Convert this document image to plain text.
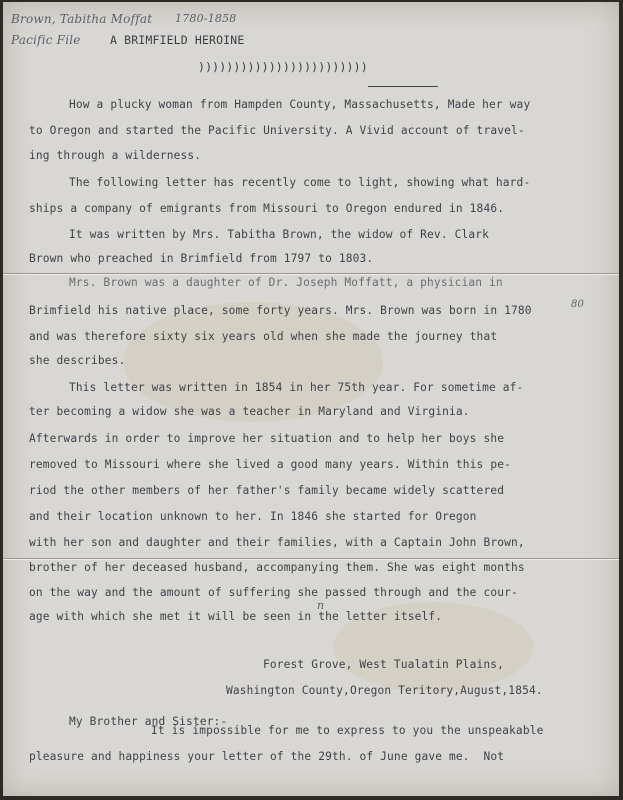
Brown, Tabitha Moffat 1780-1858
Pacific File	A BRIMFIELD HEROINE
))))))))))))))))))))))))
How a plucky woman from Hampden County, Massachusetts, Made her way
to Oregon and started the Pacific University. A Vivid account of travel-
ing through a wilderness.
The following letter has recently come to light, showing what hard-
ships a company of emigrants from Missouri to Oregon endured in 1846.
It was written by Mrs. Tabitha Brown, the widow of Rev. Clark
Brown who preached in Brimfield from 1797 to 1803.
Mrs. Brown was a daughter of Dr. Joseph Moffatt, a physician in
Brimfield his native place, some forty years. Mrs. Brown was born in 1780	80
and was therefore sixty six years old when she made the journey that
she describes.
This letter was written in 1854 in her 75th year. For sometime af-
ter becoming a widow she was a teacher in Maryland and Virginia.
Afterwards in order to improve her situation and to help her boys she
removed to Missouri where she lived a good many years. Within this pe-
riod the other members of her father's family became widely scattered
and their location unknown to her. In 1846 she started for Oregon
with her son and daughter and their families, with a Captain John Brown,
brother of her deceased husband, accompanying them. She was eight months
on the way and the amount of suffering she passed through and the cour-
age with which she met it will be seen in the letter itself.
n
Forest Grove, West Tualatin Plains,
Washington County,Oregon Teritory,August,1854.
My Brother and Sister:-
It is impossible for me to express to you the unspeakable
pleasure and happiness your letter of the 29th. of June gave me.  Not
